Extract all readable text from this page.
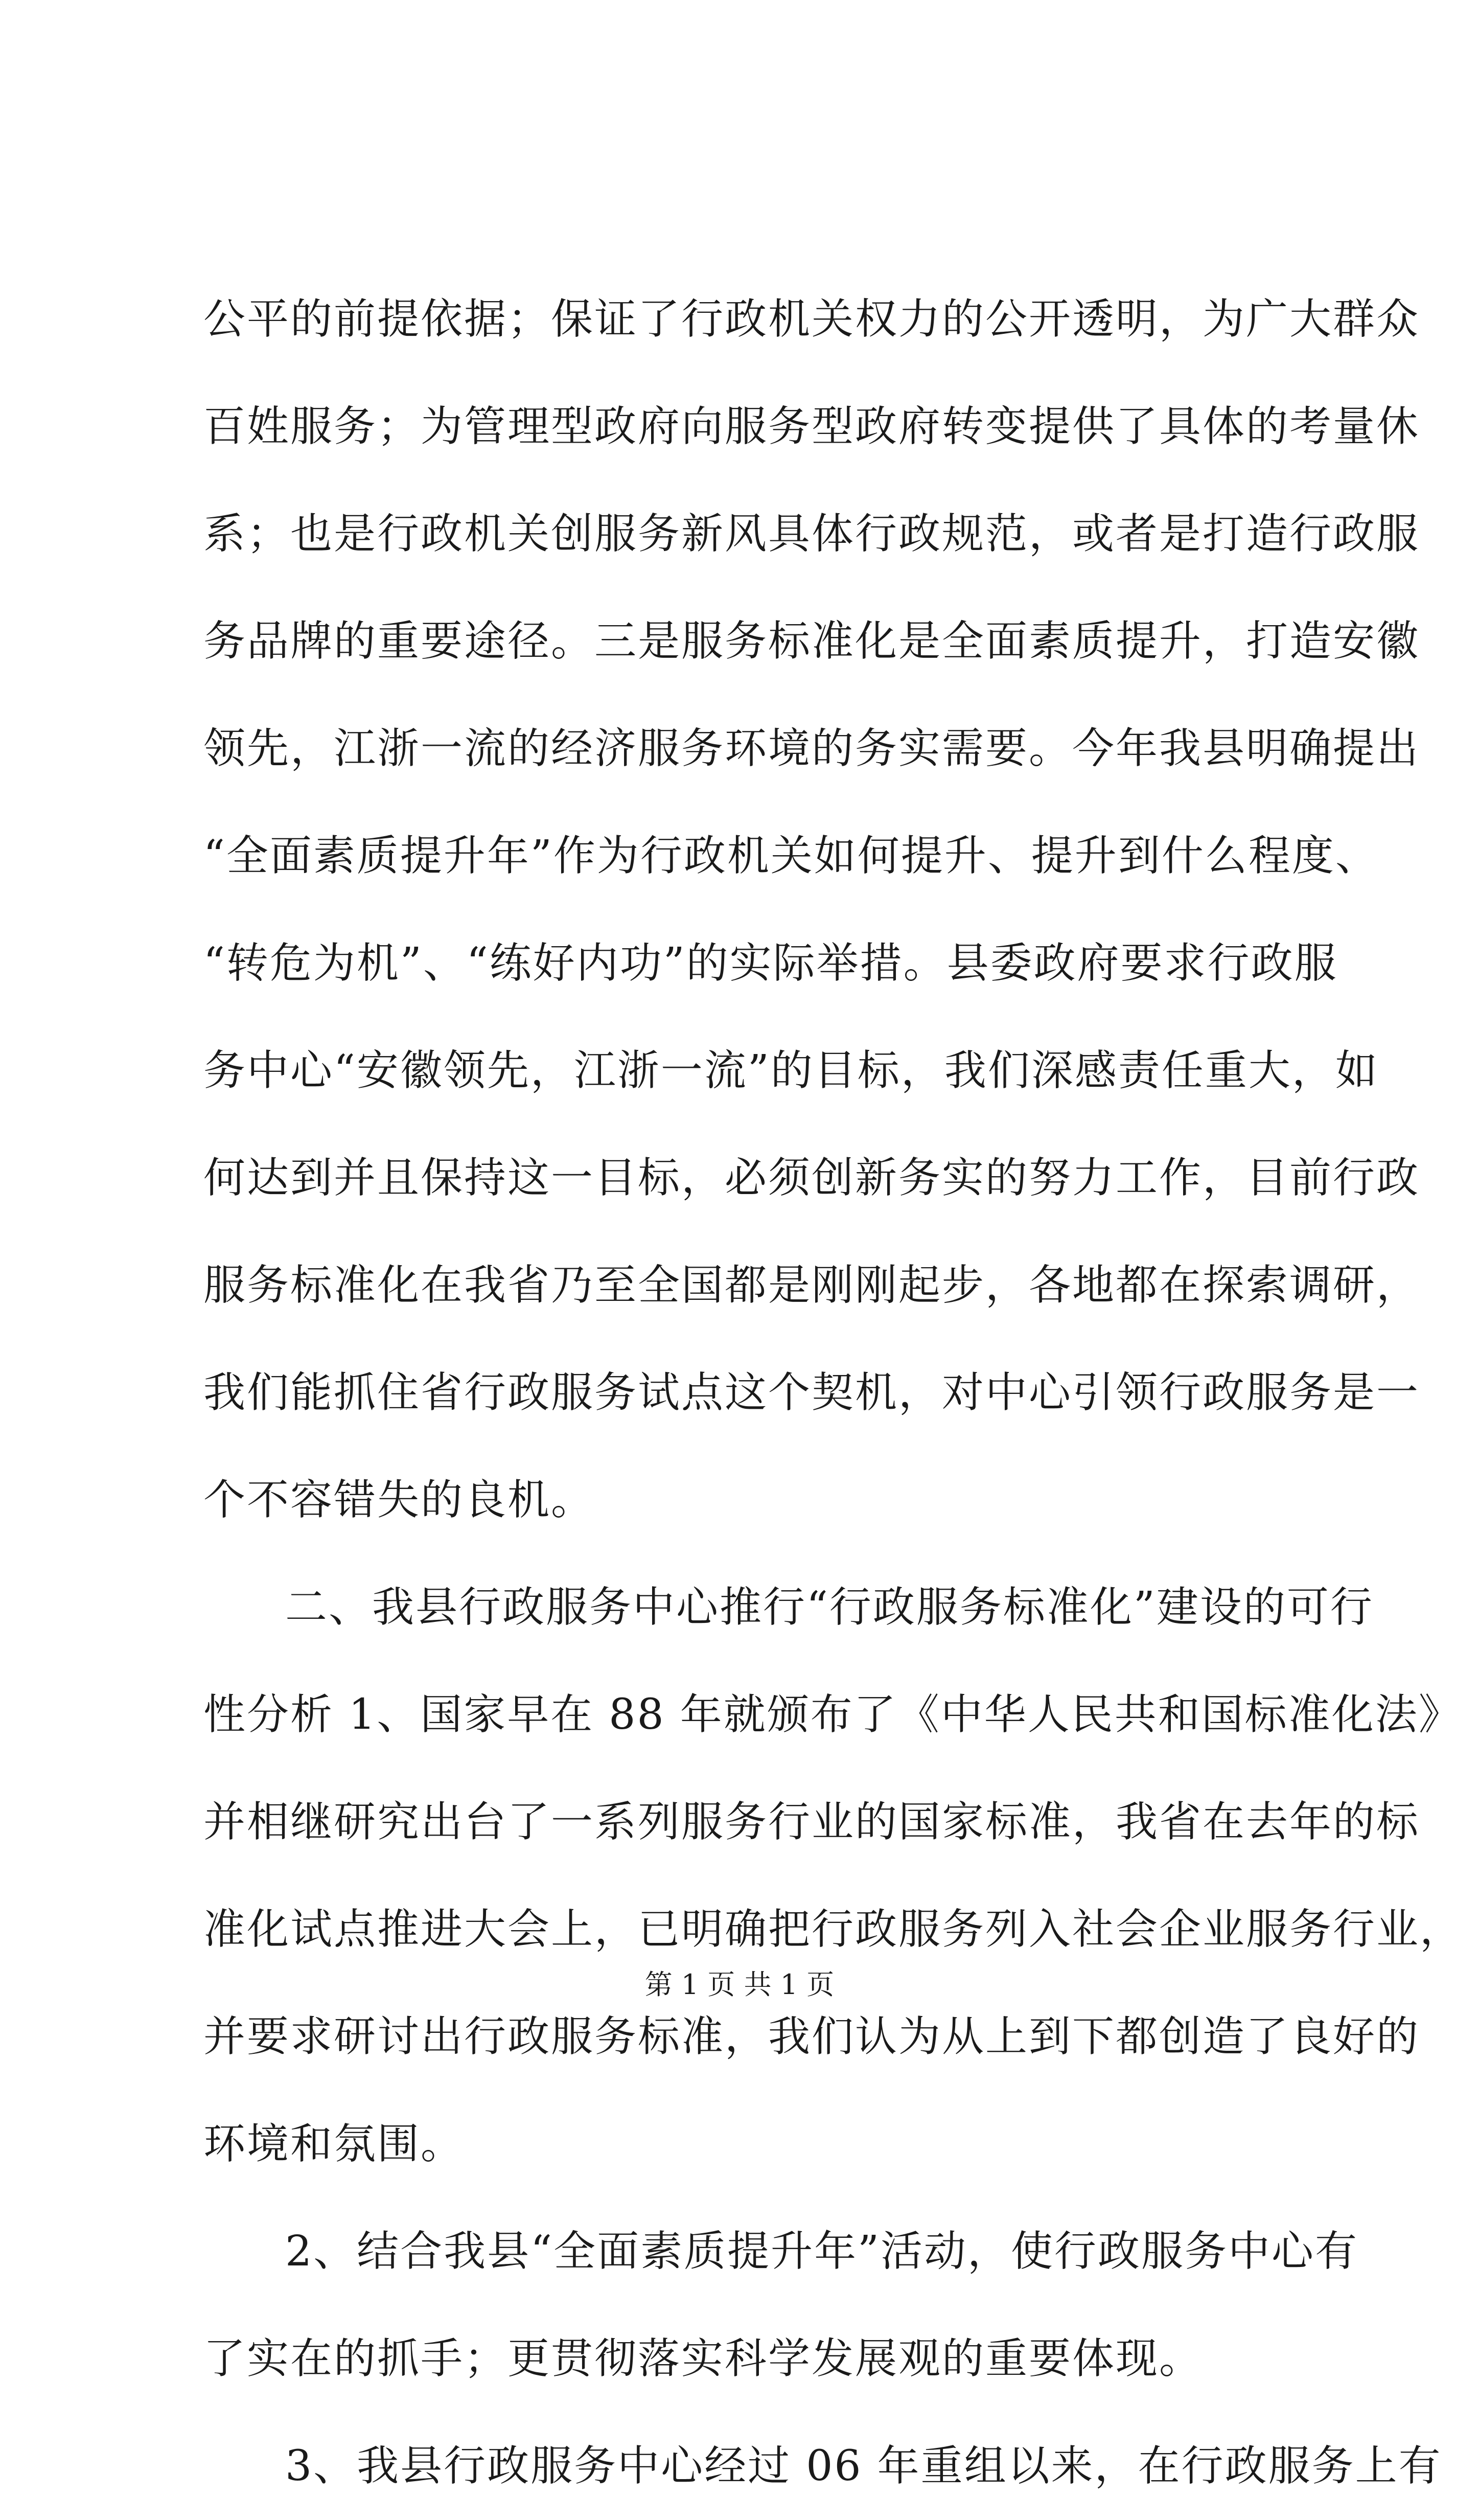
公平的前提依据；保证了行政机关权力的公开透明，为广大群众
百姓服务；为管理型政府向服务型政府转变提供了具体的考量休
系；也是行政机关创服务新风具体行政规范，或者是打造行政服
务品牌的重要途径。三是服务标准化是全面素质提升，打造安徽
领先，江浙一流的经济服务环境的务实需要。今年我县明确提出
“全面素质提升年”作为行政机关如何提升、提升到什么程度、
“转危为机”、“练好内功”的实际举措。县委政府要求行政服
务中心“安徽领先，江浙一流”的目标，我们深感责任重大，如
何达到并且保持这一目标，必须创新务实的努力工作，目前行政
服务标准化在我省乃至全国都是刚刚起步，各地都在探索调研，
我们能抓住省行政服务试点这个契机，对中心引领行政服务是一
个不容错失的良机。
二、我县行政服务中心推行“行政服务标准化”建设的可行
性分析 1、国家早在 88 年就颁布了《中华人民共和国标准化法》
并相继研究出台了一系列服务行业的国家标准，我省在去年的标
准化试点推进大会上，已明确把行政服务列入社会企业服务行业，
并要求研讨出行政服务标准，我们认为从上到下都创造了良好的
环境和氛围。
2、结合我县“全面素质提升年”活动，使行政服务中心有
了实在的抓手；更贯彻落实科学发展观的重要体现。
3、我县行政服务中心经过 06 年重组以来，在行政服务上有
第 1 页 共 1 页
